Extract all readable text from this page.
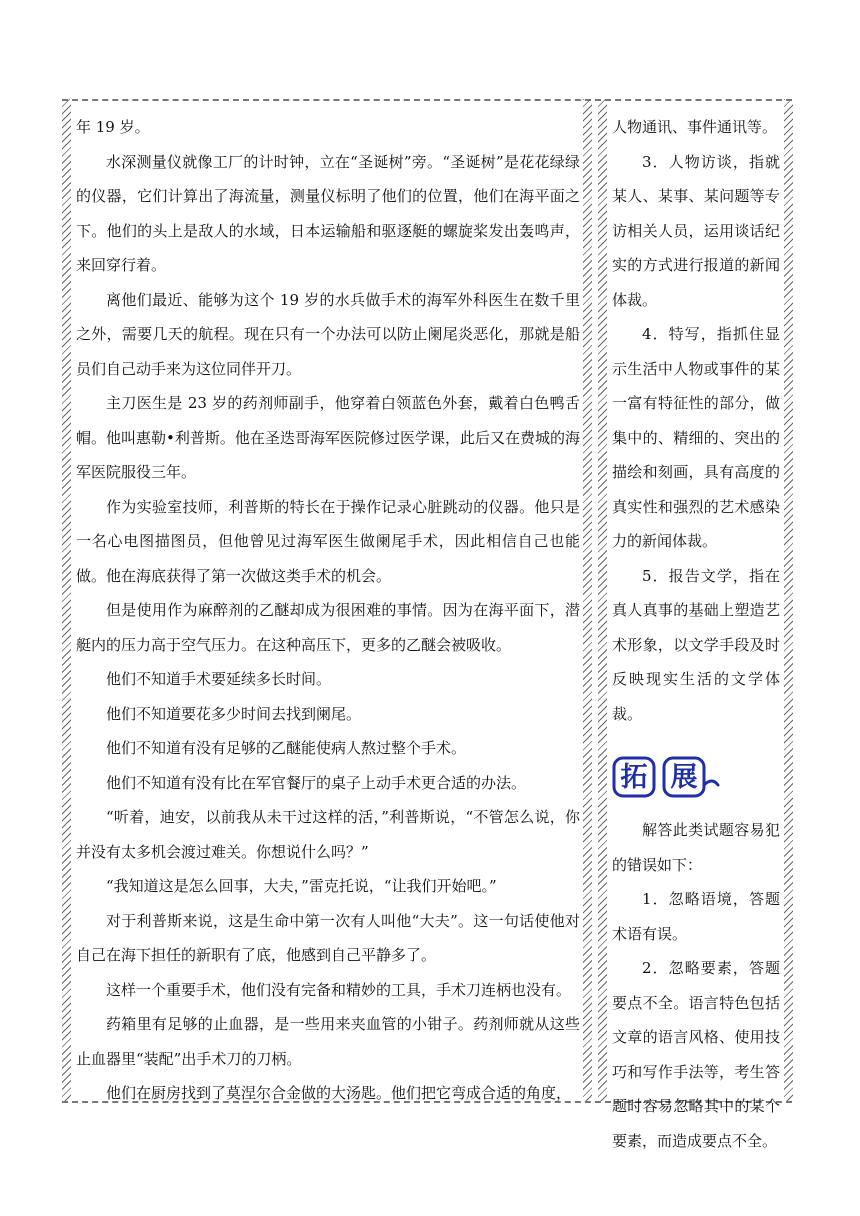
年 19 岁。

水深测量仪就像工厂的计时钟，立在“圣诞树”旁。“圣诞树”是花花绿绿的仪器，它们计算出了海流量，测量仪标明了他们的位置，他们在海平面之下。他们的头上是敌人的水域，日本运输船和驱逐艇的螺旋桨发出轰鸣声，来回穿行着。

离他们最近、能够为这个 19 岁的水兵做手术的海军外科医生在数千里之外，需要几天的航程。现在只有一个办法可以防止阑尾炎恶化，那就是船员们自己动手来为这位同伴开刀。

主刀医生是 23 岁的药剂师副手，他穿着白领蓝色外套，戴着白色鸭舌帽。他叫惠勒•利普斯。他在圣迭哥海军医院修过医学课，此后又在费城的海军医院服役三年。

作为实验室技师，利普斯的特长在于操作记录心脏跳动的仪器。他只是一名心电图描图员，但他曾见过海军医生做阑尾手术，因此相信自己也能做。他在海底获得了第一次做这类手术的机会。

但是使用作为麻醉剂的乙醚却成为很困难的事情。因为在海平面下，潜艇内的压力高于空气压力。在这种高压下，更多的乙醚会被吸收。

他们不知道手术要延续多长时间。

他们不知道要花多少时间去找到阑尾。

他们不知道有没有足够的乙醚能使病人熬过整个手术。

他们不知道有没有比在军官餐厅的桌子上动手术更合适的办法。

“听着，迪安，以前我从未干过这样的活，”利普斯说，“不管怎么说，你并没有太多机会渡过难关。你想说什么吗？”

“我知道这是怎么回事，大夫，”雷克托说，“让我们开始吧。”

对于利普斯来说，这是生命中第一次有人叫他“大夫”。这一句话使他对自己在海下担任的新职有了底，他感到自己平静多了。

这样一个重要手术，他们没有完备和精妙的工具，手术刀连柄也没有。

药箱里有足够的止血器，是一些用来夹血管的小钳子。药剂师就从这些止血器里“装配”出手术刀的刀柄。

他们在厨房找到了莫涅尔合金做的大汤匙。他们把它弯成合适的角度，

人物通讯、事件通讯等。

3．人物访谈，指就某人、某事、某问题等专访相关人员，运用谈话纪实的方式进行报道的新闻体裁。

4．特写，指抓住显示生活中人物或事件的某一富有特征性的部分，做集中的、精细的、突出的描绘和刻画，具有高度的真实性和强烈的艺术感染力的新闻体裁。

5．报告文学，指在真人真事的基础上塑造艺术形象，以文学手段及时反映现实生活的文学体裁。

拓 展

解答此类试题容易犯的错误如下：

1．忽略语境，答题术语有误。

2．忽略要素，答题要点不全。语言特色包括文章的语言风格、使用技巧和写作手法等，考生答题时容易忽略其中的某个要素，而造成要点不全。
